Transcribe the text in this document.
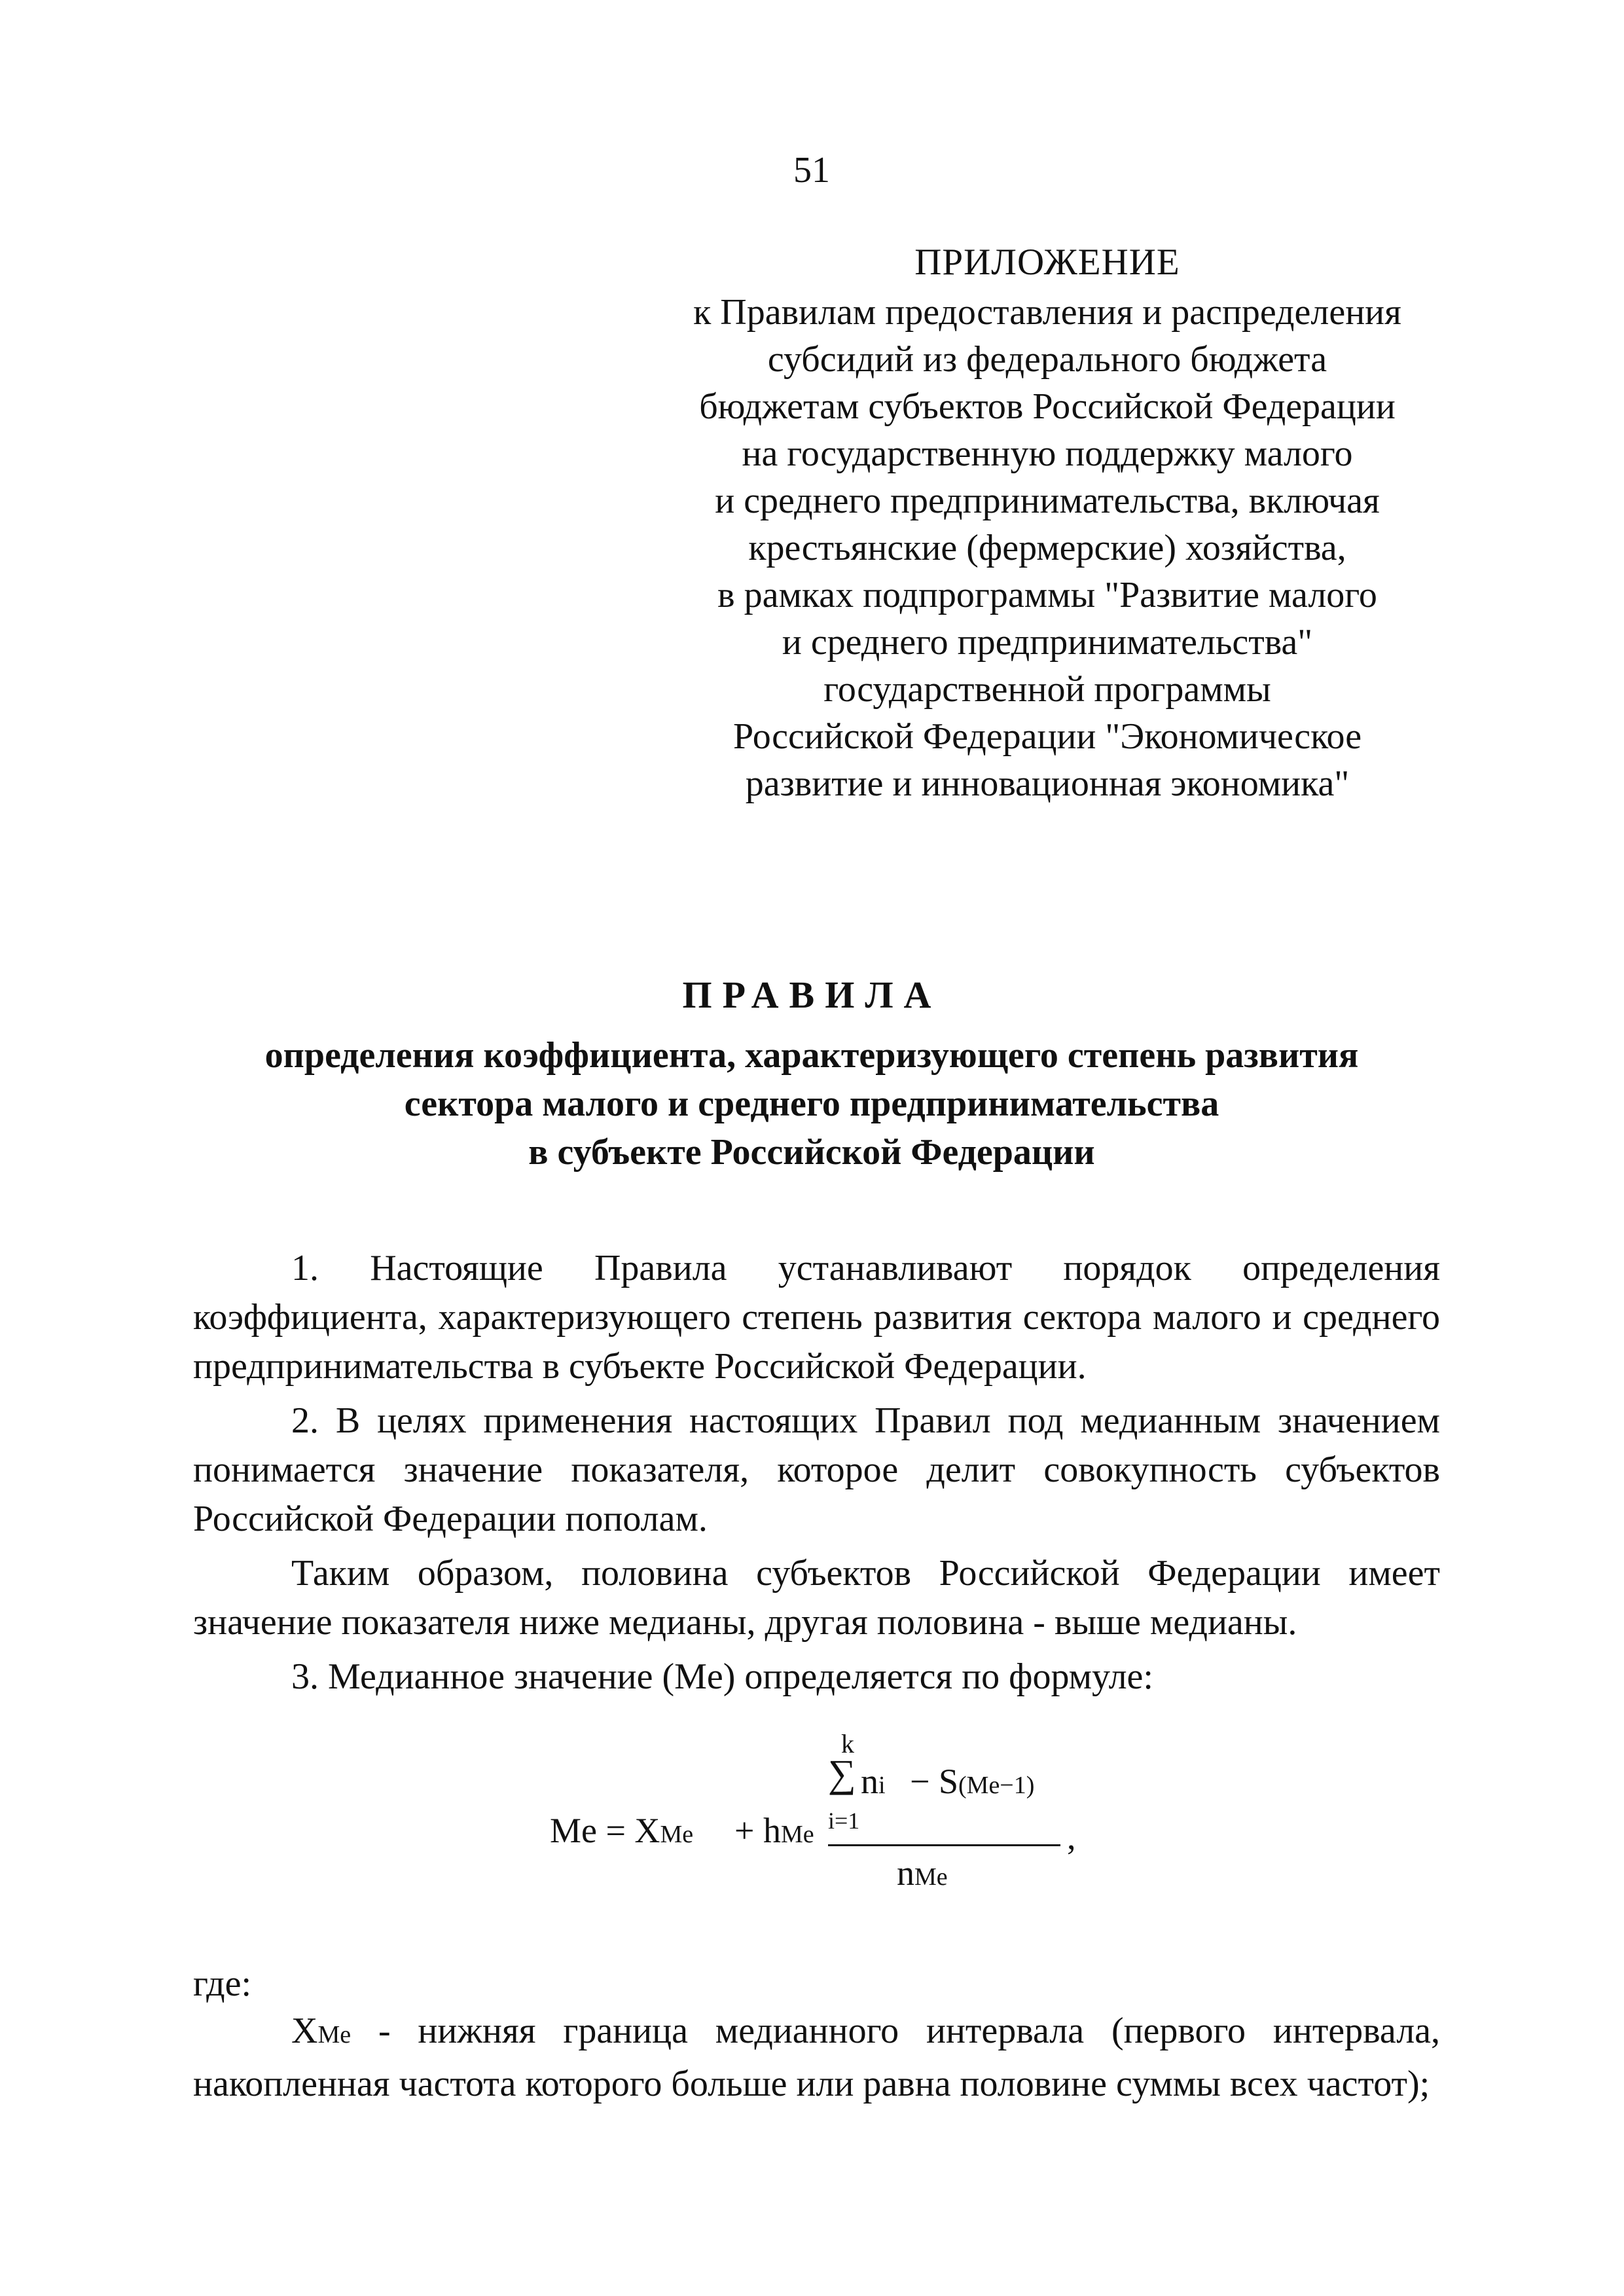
51
ПРИЛОЖЕНИЕ
к Правилам предоставления и распределения
субсидий из федерального бюджета
бюджетам субъектов Российской Федерации
на государственную поддержку малого
и среднего предпринимательства, включая
крестьянские (фермерские) хозяйства,
в рамках подпрограммы "Развитие малого
и среднего предпринимательства"
государственной программы
Российской Федерации "Экономическое
развитие и инновационная экономика"
ПРАВИЛА
определения коэффициента, характеризующего степень развития
сектора малого и среднего предпринимательства
в субъекте Российской Федерации

1. Настоящие Правила устанавливают порядок определения коэффициента, характеризующего степень развития сектора малого и среднего предпринимательства в субъекте Российской Федерации.

2. В целях применения настоящих Правил под медианным значением понимается значение показателя, которое делит совокупность субъектов Российской Федерации пополам.

Таким образом, половина субъектов Российской Федерации имеет значение показателя ниже медианы, другая половина - выше медианы.

3. Медианное значение (Me) определяется по формуле:

Me = XMe + hMe
k
∑ ni − S(Me−1)
i=1
nMe
,
где:
XMe - нижняя граница медианного интервала (первого интервала, накопленная частота которого больше или равна половине суммы всех частот);
